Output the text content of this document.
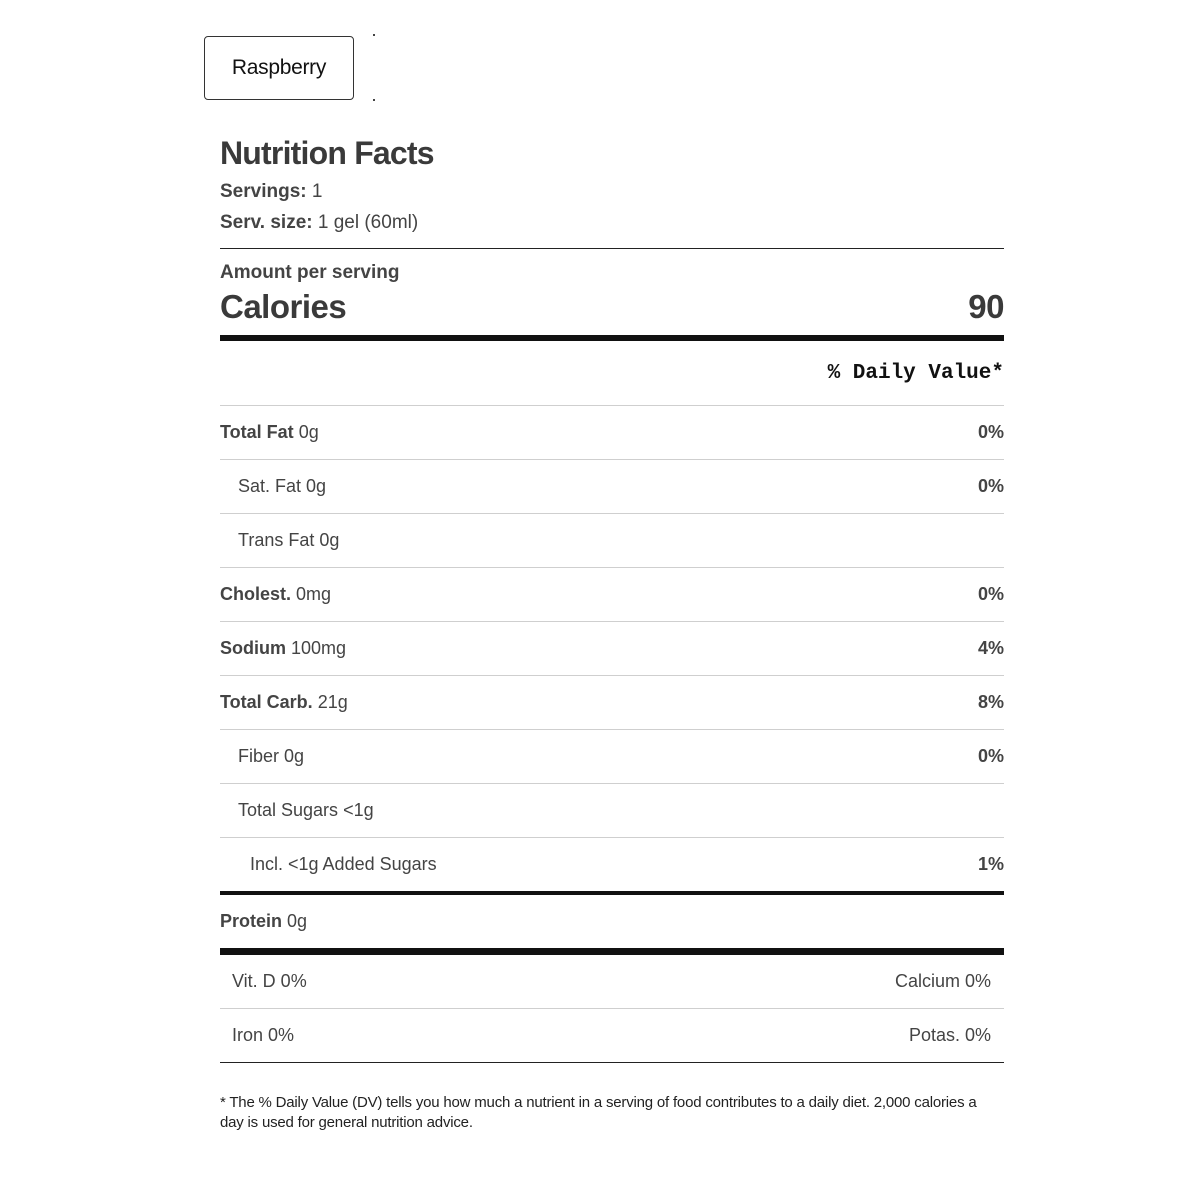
Raspberry
Nutrition Facts
Servings: 1
Serv. size: 1 gel (60ml)
Amount per serving
Calories	90
% Daily Value*
Total Fat 0g	0%
Sat. Fat 0g	0%
Trans Fat 0g
Cholest. 0mg	0%
Sodium 100mg	4%
Total Carb. 21g	8%
Fiber 0g	0%
Total Sugars <1g
Incl. <1g Added Sugars	1%
Protein 0g
Vit. D 0%	Calcium 0%
Iron 0%	Potas. 0%
* The % Daily Value (DV) tells you how much a nutrient in a serving of food contributes to a daily diet. 2,000 calories a day is used for general nutrition advice.
